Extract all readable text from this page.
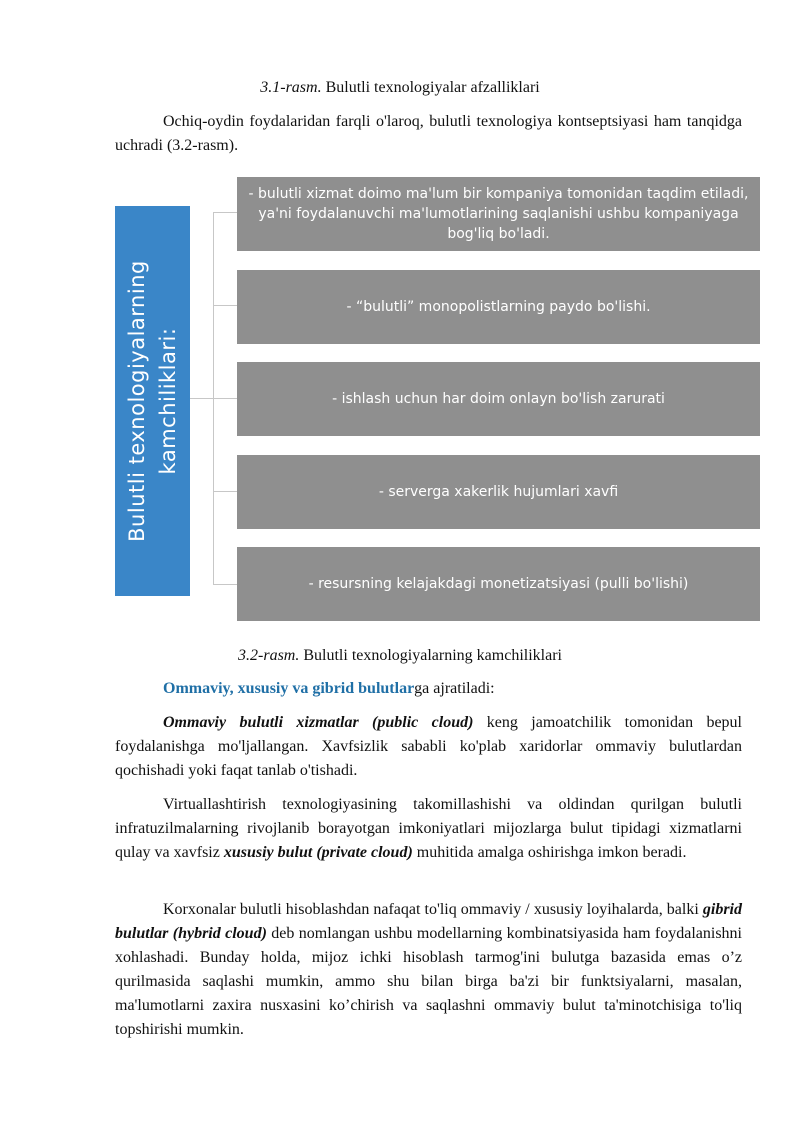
3.1-rasm. Bulutli texnologiyalar afzalliklari

Ochiq-oydin foydalaridan farqli o'laroq, bulutli texnologiya kontseptsiyasi ham tanqidga uchradi (3.2-rasm).

Bulutli texnologiyalarning kamchiliklari:
- bulutli xizmat doimo ma'lum bir kompaniya tomonidan taqdim etiladi, ya'ni foydalanuvchi ma'lumotlarining saqlanishi ushbu kompaniyaga bog'liq bo'ladi.
- “bulutli” monopolistlarning paydo bo'lishi.
- ishlash uchun har doim onlayn bo'lish zarurati
- serverga xakerlik hujumlari xavfi
- resursning kelajakdagi monetizatsiyasi (pulli bo'lishi)
3.2-rasm. Bulutli texnologiyalarning kamchiliklari

Ommaviy, xususiy va gibrid bulutlarga ajratiladi:

Ommaviy bulutli xizmatlar (public cloud) keng jamoatchilik tomonidan bepul foydalanishga mo'ljallangan. Xavfsizlik sababli ko'plab xaridorlar ommaviy bulutlardan qochishadi yoki faqat tanlab o'tishadi.

Virtuallashtirish texnologiyasining takomillashishi va oldindan qurilgan bulutli infratuzilmalarning rivojlanib borayotgan imkoniyatlari mijozlarga bulut tipidagi xizmatlarni qulay va xavfsiz xususiy bulut (private cloud) muhitida amalga oshirishga imkon beradi.

Korxonalar bulutli hisoblashdan nafaqat to'liq ommaviy / xususiy loyihalarda, balki gibrid bulutlar (hybrid cloud) deb nomlangan ushbu modellarning kombinatsiyasida ham foydalanishni xohlashadi. Bunday holda, mijoz ichki hisoblash tarmog'ini bulutga bazasida emas o’z qurilmasida saqlashi mumkin, ammo shu bilan birga ba'zi bir funktsiyalarni, masalan, ma'lumotlarni zaxira nusxasini ko’chirish va saqlashni ommaviy bulut ta'minotchisiga to'liq topshirishi mumkin.
